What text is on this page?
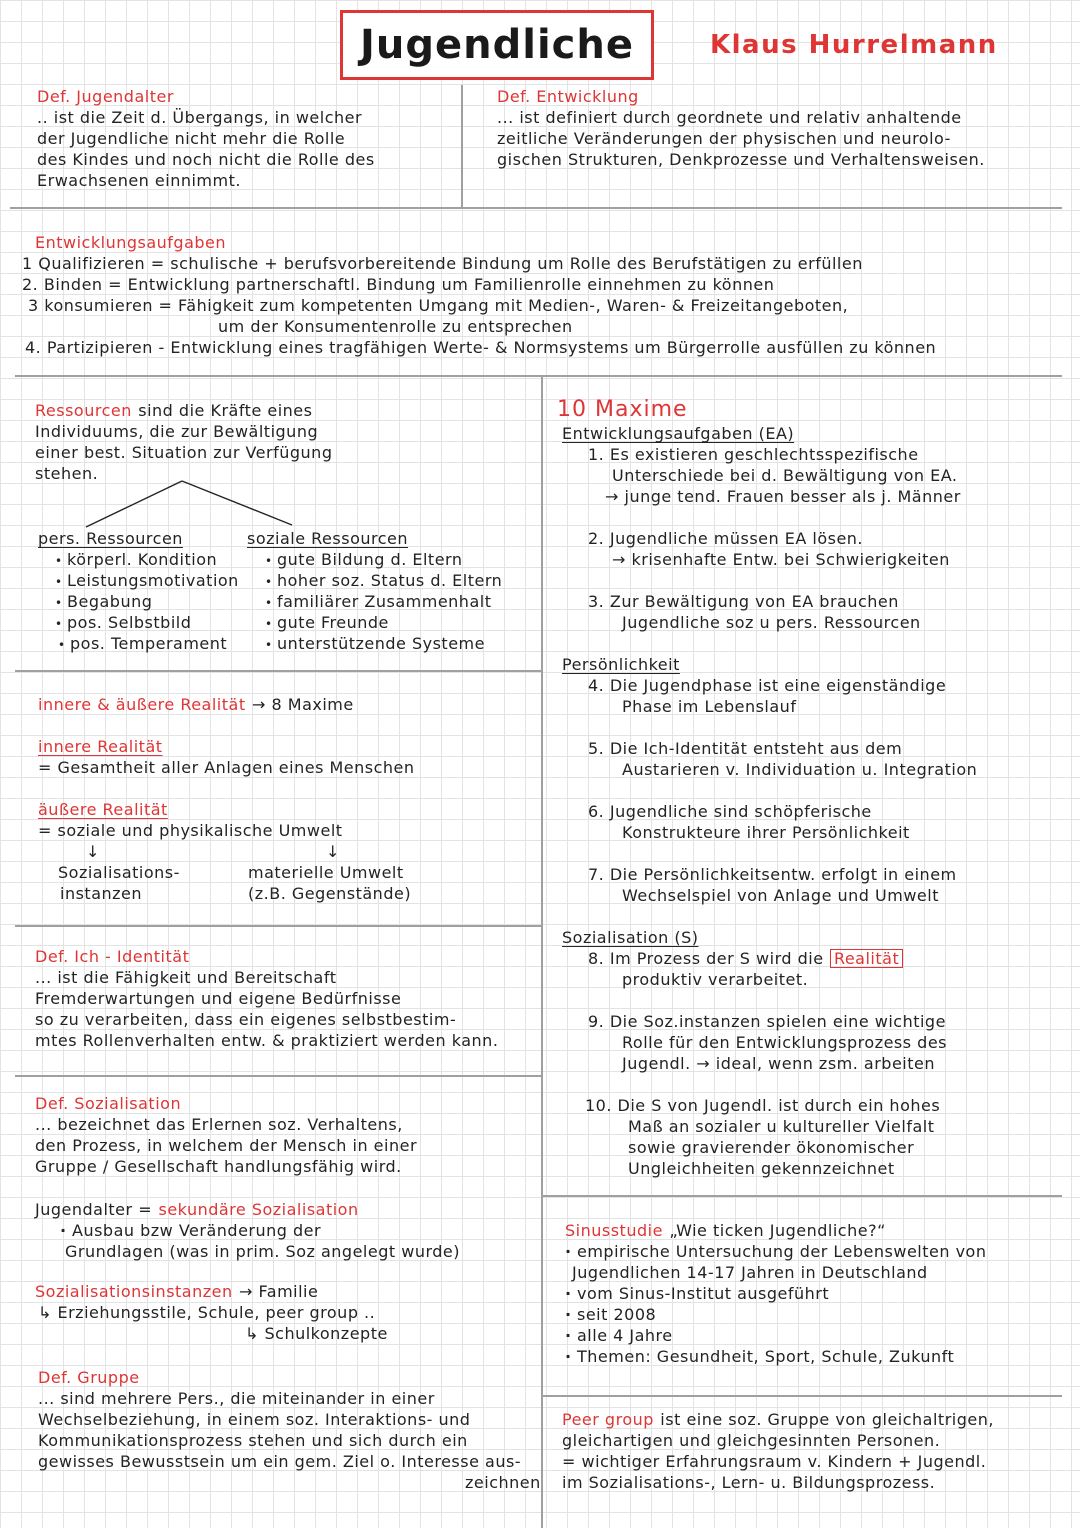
Jugendliche	Klaus Hurrelmann
Def. Jugendalter
.. ist die Zeit d. Übergangs, in welcher
der Jugendliche nicht mehr die Rolle
des Kindes und noch nicht die Rolle des
Erwachsenen einnimmt.
Def. Entwicklung
... ist definiert durch geordnete und relativ anhaltende
zeitliche Veränderungen der physischen und neurolo-
gischen Strukturen, Denkprozesse und Verhaltensweisen.
Entwicklungsaufgaben
1 Qualifizieren = schulische + berufsvorbereitende Bindung um Rolle des Berufstätigen zu erfüllen
2. Binden = Entwicklung partnerschaftl. Bindung um Familienrolle einnehmen zu können
3 konsumieren = Fähigkeit zum kompetenten Umgang mit Medien-, Waren- & Freizeitangeboten,
um der Konsumentenrolle zu entsprechen
4. Partizipieren - Entwicklung eines tragfähigen Werte- & Normsystems um Bürgerrolle ausfüllen zu können
Ressourcen sind die Kräfte eines
Individuums, die zur Bewältigung
einer best. Situation zur Verfügung
stehen.
pers. Ressourcen
• körperl. Kondition
• Leistungsmotivation
• Begabung
• pos. Selbstbild
• pos. Temperament
soziale Ressourcen
• gute Bildung d. Eltern
• hoher soz. Status d. Eltern
• familiärer Zusammenhalt
• gute Freunde
• unterstützende Systeme
innere & äußere Realität → 8 Maxime
innere Realität
= Gesamtheit aller Anlagen eines Menschen
äußere Realität
= soziale und physikalische Umwelt
↓	↓
Sozialisations-
instanzen
materielle Umwelt
(z.B. Gegenstände)
Def. Ich - Identität
... ist die Fähigkeit und Bereitschaft
Fremderwartungen und eigene Bedürfnisse
so zu verarbeiten, dass ein eigenes selbstbestim-
mtes Rollenverhalten entw. & praktiziert werden kann.
Def. Sozialisation
... bezeichnet das Erlernen soz. Verhaltens,
den Prozess, in welchem der Mensch in einer
Gruppe / Gesellschaft handlungsfähig wird.
Jugendalter = sekundäre Sozialisation
· Ausbau bzw Veränderung der
Grundlagen (was in prim. Soz angelegt wurde)
Sozialisationsinstanzen → Familie
↳ Erziehungsstile, Schule, peer group ..
↳ Schulkonzepte
Def. Gruppe
... sind mehrere Pers., die miteinander in einer
Wechselbeziehung, in einem soz. Interaktions- und
Kommunikationsprozess stehen und sich durch ein
gewisses Bewusstsein um ein gem. Ziel o. Interesse aus-
zeichnen
10 Maxime
Entwicklungsaufgaben (EA)
1. Es existieren geschlechtsspezifische
Unterschiede bei d. Bewältigung von EA.
→ junge tend. Frauen besser als j. Männer
2. Jugendliche müssen EA lösen.
→ krisenhafte Entw. bei Schwierigkeiten
3. Zur Bewältigung von EA brauchen
Jugendliche soz u pers. Ressourcen
Persönlichkeit
4. Die Jugendphase ist eine eigenständige
Phase im Lebenslauf
5. Die Ich-Identität entsteht aus dem
Austarieren v. Individuation u. Integration
6. Jugendliche sind schöpferische
Konstrukteure ihrer Persönlichkeit
7. Die Persönlichkeitsentw. erfolgt in einem
Wechselspiel von Anlage und Umwelt
Sozialisation (S)
8. Im Prozess der S wird die Realität
produktiv verarbeitet.
9. Die Soz.instanzen spielen eine wichtige
Rolle für den Entwicklungsprozess des
Jugendl. → ideal, wenn zsm. arbeiten
10. Die S von Jugendl. ist durch ein hohes
Maß an sozialer u kultureller Vielfalt
sowie gravierender ökonomischer
Ungleichheiten gekennzeichnet
Sinusstudie „Wie ticken Jugendliche?“
· empirische Untersuchung der Lebenswelten von
Jugendlichen 14-17 Jahren in Deutschland
· vom Sinus-Institut ausgeführt
· seit 2008
· alle 4 Jahre
· Themen: Gesundheit, Sport, Schule, Zukunft
Peer group ist eine soz. Gruppe von gleichaltrigen,
gleichartigen und gleichgesinnten Personen.
= wichtiger Erfahrungsraum v. Kindern + Jugendl.
im Sozialisations-, Lern- u. Bildungsprozess.
